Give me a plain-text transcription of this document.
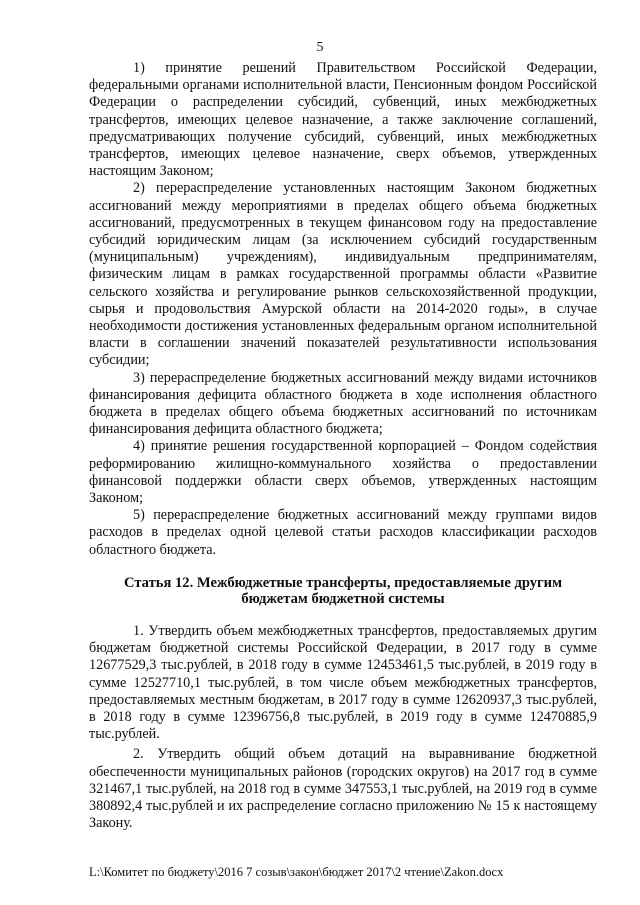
5

1) принятие решений Правительством Российской Федерации, федеральными органами исполнительной власти, Пенсионным фондом Российской Федерации о распределении субсидий, субвенций, иных межбюджетных трансфертов, имеющих целевое назначение, а также заключение соглашений, предусматривающих получение субсидий, субвенций, иных межбюджетных трансфертов, имеющих целевое назначение, сверх объемов, утвержденных настоящим Законом;

2) перераспределение установленных настоящим Законом бюджетных ассигнований между мероприятиями в пределах общего объема бюджетных ассигнований, предусмотренных в текущем финансовом году на предоставление субсидий юридическим лицам (за исключением субсидий государственным (муниципальным) учреждениям), индивидуальным предпринимателям, физическим лицам в рамках государственной программы области «Развитие сельского хозяйства и регулирование рынков сельскохозяйственной продукции, сырья и продовольствия Амурской области на 2014-2020 годы», в случае необходимости достижения установленных федеральным органом исполнительной власти в соглашении значений показателей результативности использования субсидии;

3) перераспределение бюджетных ассигнований между видами источников финансирования дефицита областного бюджета в ходе исполнения областного бюджета в пределах общего объема бюджетных ассигнований по источникам финансирования дефицита областного бюджета;

4) принятие решения государственной корпорацией – Фондом содействия реформированию жилищно-коммунального хозяйства о предоставлении финансовой поддержки области сверх объемов, утвержденных настоящим Законом;

5) перераспределение бюджетных ассигнований между группами видов расходов в пределах одной целевой статьи расходов классификации расходов областного бюджета.

Статья 12. Межбюджетные трансферты, предоставляемые другим
бюджетам бюджетной системы

1. Утвердить объем межбюджетных трансфертов, предоставляемых другим бюджетам бюджетной системы Российской Федерации, в 2017 году в сумме 12677529,3 тыс.рублей, в 2018 году в сумме 12453461,5 тыс.рублей, в 2019 году в сумме 12527710,1 тыс.рублей, в том числе объем межбюджетных трансфертов, предоставляемых местным бюджетам, в 2017 году в сумме 12620937,3 тыс.рублей, в 2018 году в сумме 12396756,8 тыс.рублей, в 2019 году в сумме 12470885,9 тыс.рублей.

2. Утвердить общий объем дотаций на выравнивание бюджетной обеспеченности муниципальных районов (городских округов) на 2017 год в сумме 321467,1 тыс.рублей, на 2018 год в сумме 347553,1 тыс.рублей, на 2019 год в сумме 380892,4 тыс.рублей и их распределение согласно приложению № 15 к настоящему Закону.

L:\Комитет по бюджету\2016 7 созыв\закон\бюджет 2017\2 чтение\Zakon.docx
